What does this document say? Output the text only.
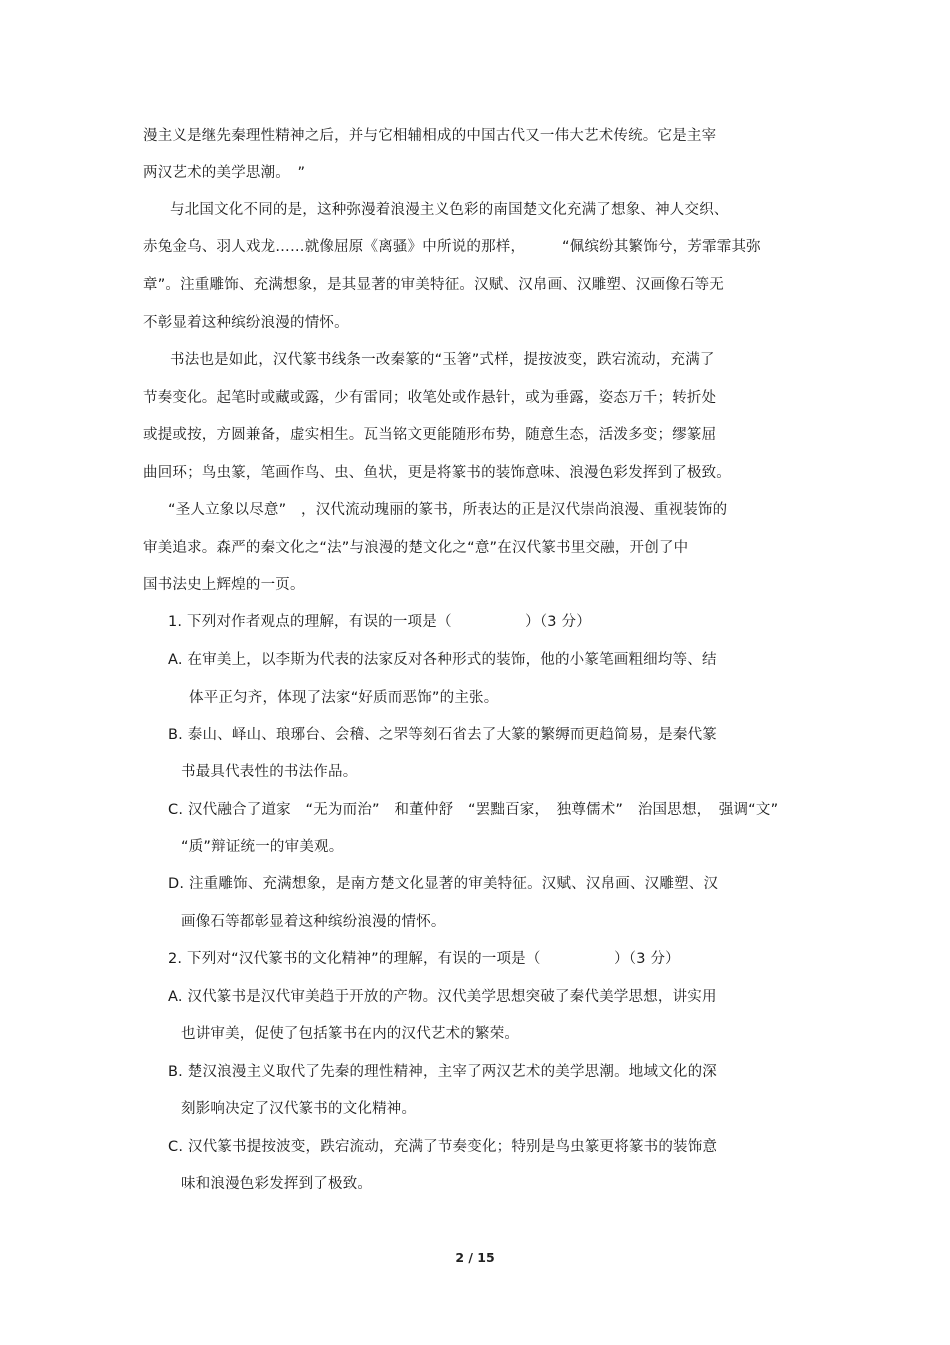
漫主义是继先秦理性精神之后，并与它相辅相成的中国古代又一伟大艺术传统。它是主宰
两汉艺术的美学思潮。　”
与北国文化不同的是，这种弥漫着浪漫主义色彩的南国楚文化充满了想象、神人交织、
赤兔金乌、羽人戏龙……就像屈原《离骚》中所说的那样，　　　“佩缤纷其繁饰兮，芳霏霏其弥
章”。注重雕饰、充满想象，是其显著的审美特征。汉赋、汉帛画、汉雕塑、汉画像石等无
不彰显着这种缤纷浪漫的情怀。
书法也是如此，汉代篆书线条一改秦篆的“玉箸”式样，提按波变，跌宕流动，充满了
节奏变化。起笔时或藏或露，少有雷同；收笔处或作悬针，或为垂露，姿态万千；转折处
或提或按，方圆兼备，虚实相生。瓦当铭文更能随形布势，随意生态，活泼多变；缪篆屈
曲回环；鸟虫篆，笔画作鸟、虫、鱼状，更是将篆书的装饰意味、浪漫色彩发挥到了极致。
“圣人立象以尽意”　，汉代流动瑰丽的篆书，所表达的正是汉代崇尚浪漫、重视装饰的
审美追求。森严的秦文化之“法”与浪漫的楚文化之“意”在汉代篆书里交融，开创了中
国书法史上辉煌的一页。
1. 下列对作者观点的理解，有误的一项是（　　　　　）（3 分）
A. 在审美上，以李斯为代表的法家反对各种形式的装饰，他的小篆笔画粗细均等、结
体平正匀齐，体现了法家“好质而恶饰”的主张。
B. 泰山、峄山、琅琊台、会稽、之罘等刻石省去了大篆的繁缛而更趋简易，是秦代篆
书最具代表性的书法作品。
C. 汉代融合了道家　“无为而治”　和董仲舒　“罢黜百家，　独尊儒术”　治国思想，　强调“文”
“质”辩证统一的审美观。
D. 注重雕饰、充满想象，是南方楚文化显著的审美特征。汉赋、汉帛画、汉雕塑、汉
画像石等都彰显着这种缤纷浪漫的情怀。
2. 下列对“汉代篆书的文化精神”的理解，有误的一项是（　　　　　）（3 分）
A. 汉代篆书是汉代审美趋于开放的产物。汉代美学思想突破了秦代美学思想，讲实用
也讲审美，促使了包括篆书在内的汉代艺术的繁荣。
B. 楚汉浪漫主义取代了先秦的理性精神，主宰了两汉艺术的美学思潮。地域文化的深
刻影响决定了汉代篆书的文化精神。
C. 汉代篆书提按波变，跌宕流动，充满了节奏变化；特别是鸟虫篆更将篆书的装饰意
味和浪漫色彩发挥到了极致。
2 / 15
